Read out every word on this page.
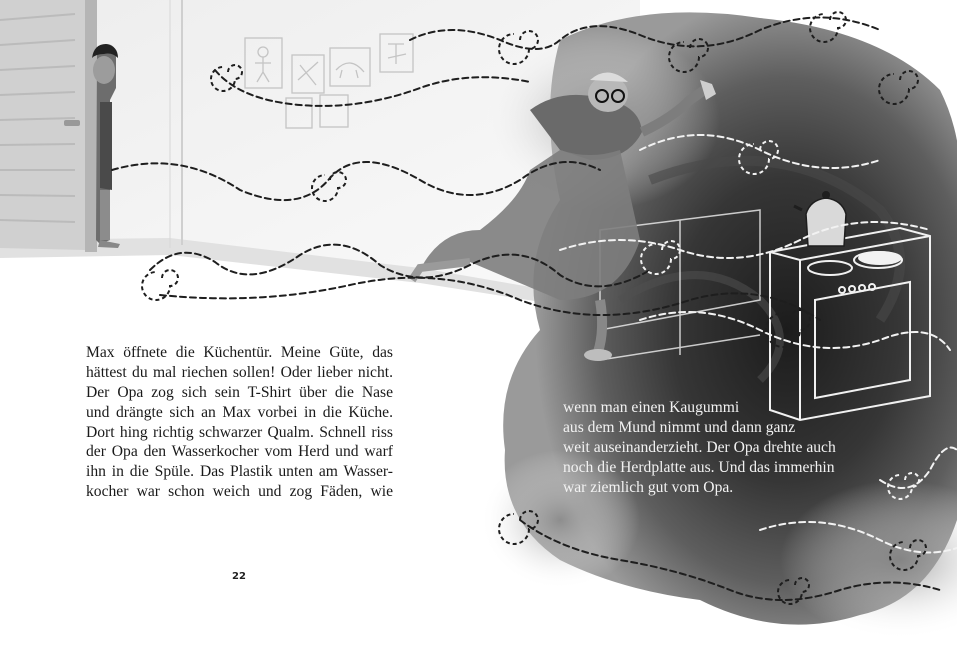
Max öffnete die Küchentür. Meine Güte, das
hättest du mal riechen sollen! Oder lieber nicht.
Der Opa zog sich sein T-Shirt über die Nase
und drängte sich an Max vorbei in die Küche.
Dort hing richtig schwarzer Qualm. Schnell riss
der Opa den Wasserkocher vom Herd und warf
ihn in die Spüle. Das Plastik unten am Wasser-
kocher war schon weich und zog Fäden, wie
wenn man einen Kaugummi
aus dem Mund nimmt und dann ganz
weit auseinanderzieht. Der Opa drehte auch
noch die Herdplatte aus. Und das immerhin
war ziemlich gut vom Opa.
22
